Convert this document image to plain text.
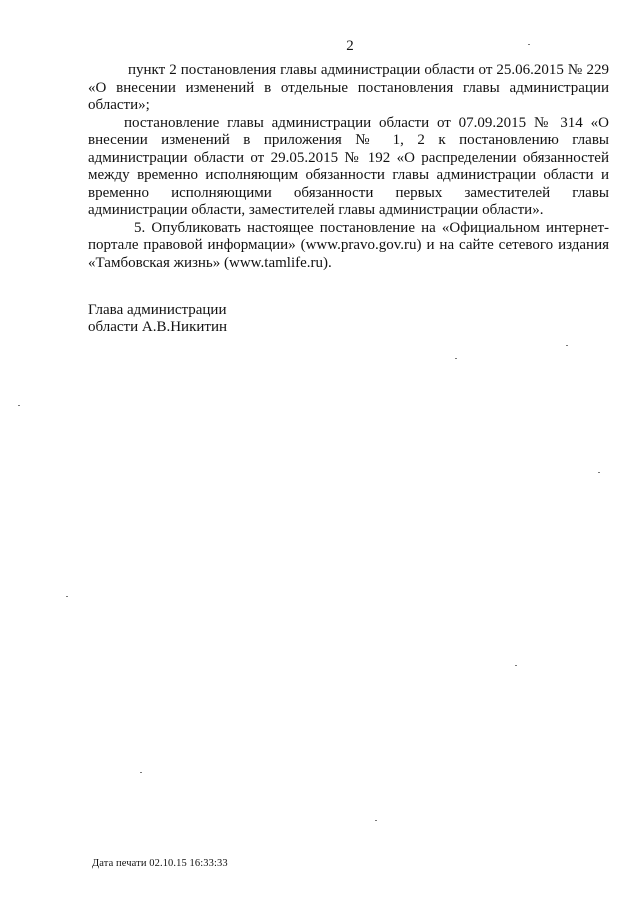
2

пункт 2 постановления главы администрации области от 25.06.2015 № 229 «О внесении изменений в отдельные постановления главы администрации области»;

постановление главы администрации области от 07.09.2015 № 314 «О внесении изменений в приложения № 1, 2 к постановлению главы администрации области от 29.05.2015 № 192 «О распределении обязанностей между временно исполняющим обязанности главы администрации области и временно исполняющими обязанности первых заместителей главы администрации области, заместителей главы администрации области».

5. Опубликовать настоящее постановление на «Официальном интернет-портале правовой информации» (www.pravo.gov.ru) и на сайте сетевого издания «Тамбовская жизнь» (www.tamlife.ru).

Глава администрации
области А.В.Никитин
Дата печати 02.10.15 16:33:33
